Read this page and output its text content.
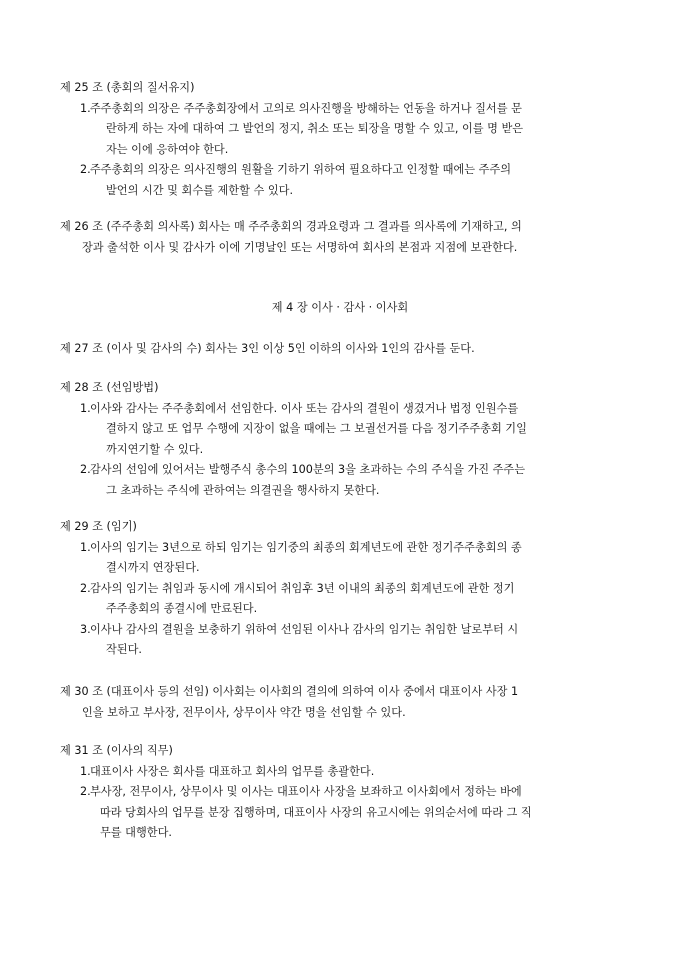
제 25 조 (총회의 질서유지)
1. 주주총회의 의장은 주주총회장에서 고의로 의사진행을 방해하는 언동을 하거나 질서를 문
란하게 하는 자에 대하여 그 발언의 정지, 취소 또는 퇴장을 명할 수 있고, 이를 명 받은
자는 이에 응하여야 한다.
2. 주주총회의 의장은 의사진행의 원활을 기하기 위하여 필요하다고 인정할 때에는 주주의
발언의 시간 및 회수를 제한할 수 있다.
제 26 조 (주주총회 의사록) 회사는 매 주주총회의 경과요령과 그 결과를 의사록에 기재하고, 의
장과 출석한 이사 및 감사가 이에 기명날인 또는 서명하여 회사의 본점과 지점에 보관한다.
제 4 장 이사 · 감사 · 이사회
제 27 조 (이사 및 감사의 수) 회사는 3인 이상 5인 이하의 이사와 1인의 감사를 둔다.
제 28 조 (선임방법)
1. 이사와 감사는 주주총회에서 선임한다. 이사 또는 감사의 결원이 생겼거나 법정 인원수를
결하지 않고 또 업무 수행에 지장이 없을 때에는 그 보궐선거를 다음 정기주주총회 기일
까지연기할 수 있다.
2. 감사의 선임에 있어서는 발행주식 총수의 100분의 3을 초과하는 수의 주식을 가진 주주는
그 초과하는 주식에 관하여는 의결권을 행사하지 못한다.
제 29 조 (임기)
1. 이사의 임기는 3년으로 하되 임기는 임기중의 최종의 회계년도에 관한 정기주주총회의 종
결시까지 연장된다.
2. 감사의 임기는 취임과 동시에 개시되어 취임후 3년 이내의 최종의 회계년도에 관한 정기
주주총회의 종결시에 만료된다.
3. 이사나 감사의 결원을 보충하기 위하여 선임된 이사나 감사의 임기는 취임한 날로부터 시
작된다.
제 30 조 (대표이사 등의 선임) 이사회는 이사회의 결의에 의하여 이사 중에서 대표이사 사장 1
인을 보하고 부사장, 전무이사, 상무이사 약간 명을 선임할 수 있다.
제 31 조 (이사의 직무)
1. 대표이사 사장은 회사를 대표하고 회사의 업무를 총괄한다.
2. 부사장, 전무이사, 상무이사 및 이사는 대표이사 사장을 보좌하고 이사회에서 정하는 바에
따라 당회사의 업무를 분장 집행하며, 대표이사 사장의 유고시에는 위의순서에 따라 그 직
무를 대행한다.
